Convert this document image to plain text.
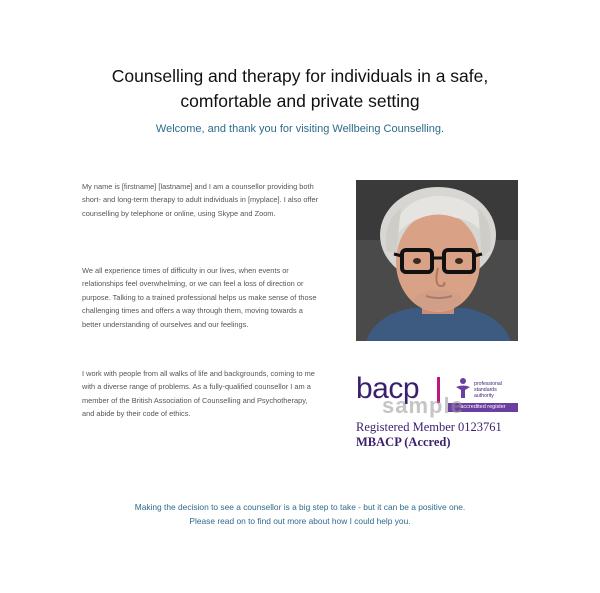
Counselling and therapy for individuals in a safe,
comfortable and private setting

Welcome, and thank you for visiting Wellbeing Counselling.

My name is [firstname] [lastname] and I am a counsellor providing both short- and long-term therapy to adult individuals in [myplace]. I also offer counselling by telephone or online, using Skype and Zoom.

We all experience times of difficulty in our lives, when events or relationships feel overwhelming, or we can feel a loss of direction or purpose. Talking to a trained professional helps us make sense of those challenging times and offers a way through them, moving towards a better understanding of ourselves and our feelings.

I work with people from all walks of life and backgrounds, coming to me with a diverse range of problems. As a fully-qualified counsellor I am a member of the British Association of Counselling and Psychotherapy, and abide by their code of ethics.

bacp	professional
standards
authority
accredited register
sample
Registered Member 0123761
MBACP (Accred)

Making the decision to see a counsellor is a big step to take - but it can be a positive one.
Please read on to find out more about how I could help you.
